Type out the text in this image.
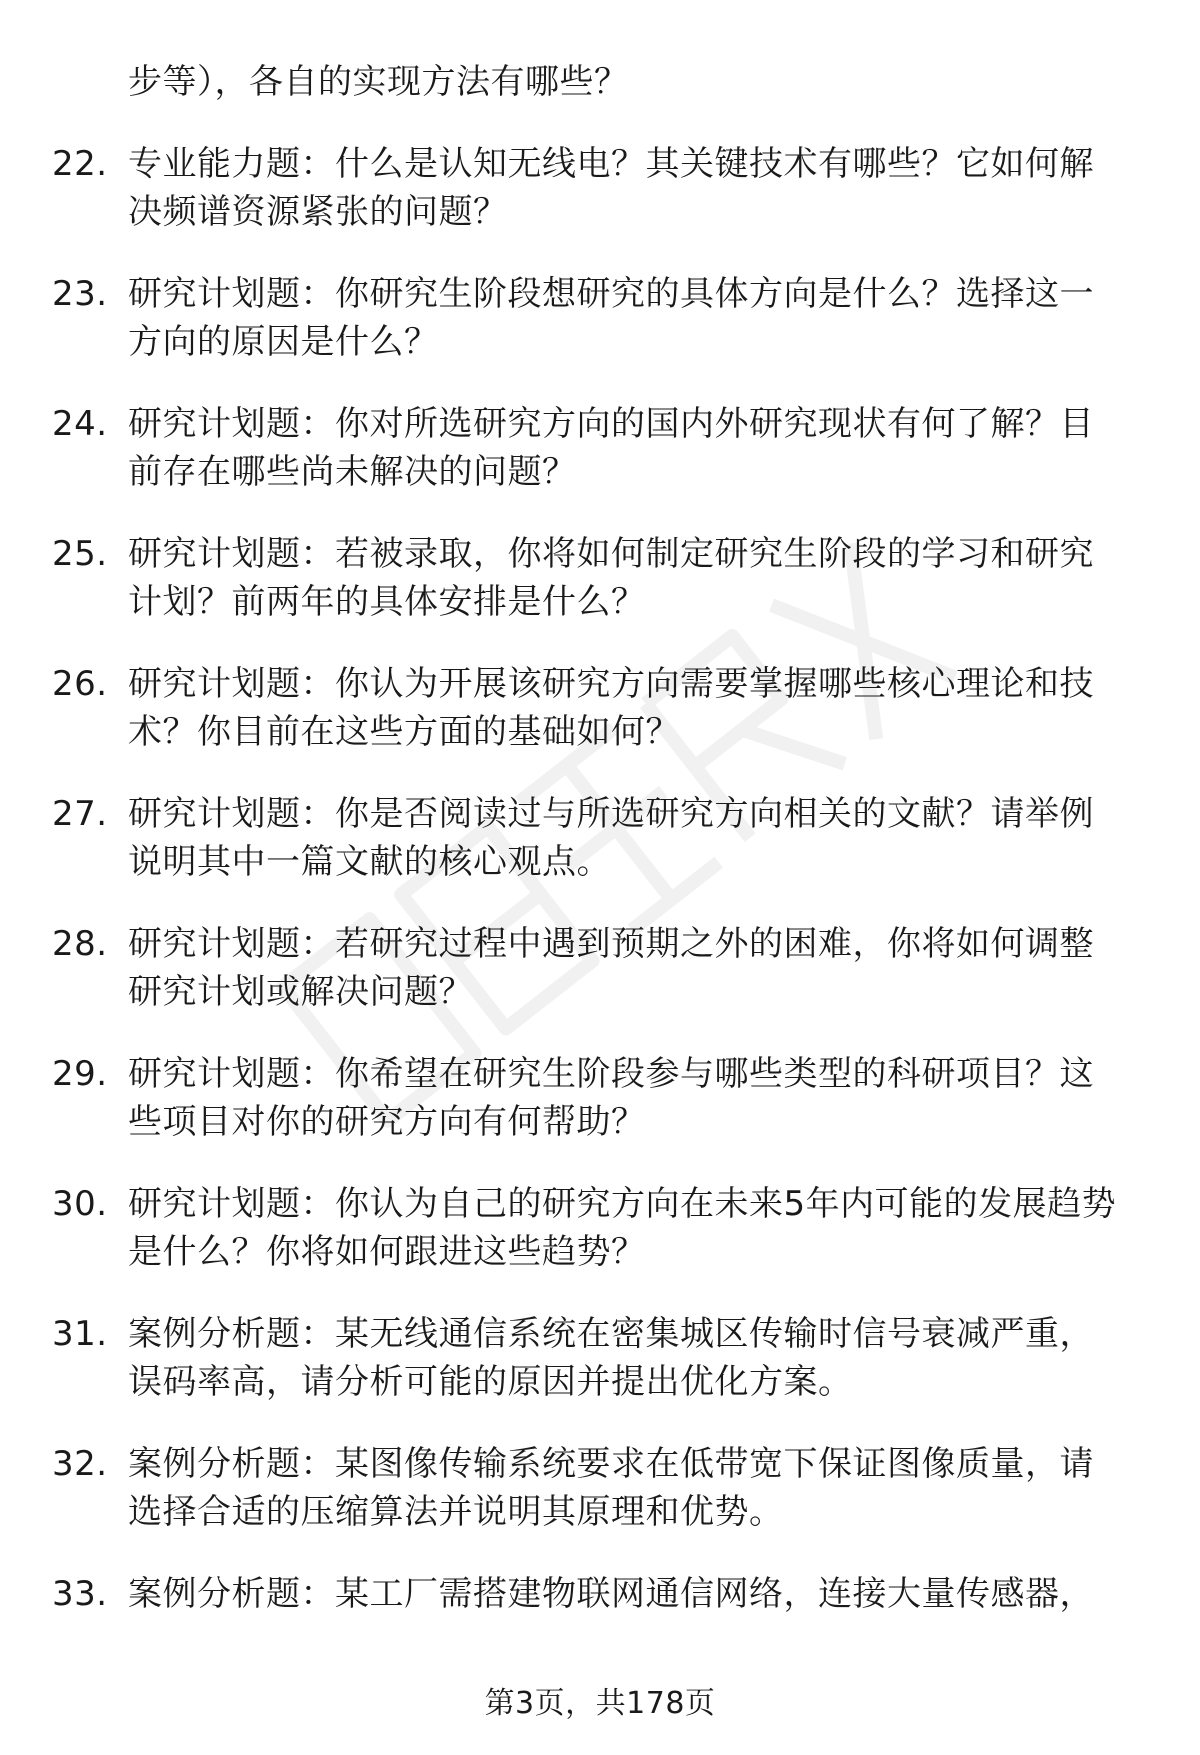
步等），各自的实现方法有哪些？
22. 专业能力题：什么是认知无线电？其关键技术有哪些？它如何解
决频谱资源紧张的问题？
23. 研究计划题：你研究生阶段想研究的具体方向是什么？选择这一
方向的原因是什么？
24. 研究计划题：你对所选研究方向的国内外研究现状有何了解？目
前存在哪些尚未解决的问题？
25. 研究计划题：若被录取，你将如何制定研究生阶段的学习和研究
计划？前两年的具体安排是什么？
26. 研究计划题：你认为开展该研究方向需要掌握哪些核心理论和技
术？你目前在这些方面的基础如何？
27. 研究计划题：你是否阅读过与所选研究方向相关的文献？请举例
说明其中一篇文献的核心观点。
28. 研究计划题：若研究过程中遇到预期之外的困难，你将如何调整
研究计划或解决问题？
29. 研究计划题：你希望在研究生阶段参与哪些类型的科研项目？这
些项目对你的研究方向有何帮助？
30. 研究计划题：你认为自己的研究方向在未来5年内可能的发展趋势
是什么？你将如何跟进这些趋势？
31. 案例分析题：某无线通信系统在密集城区传输时信号衰减严重，
误码率高，请分析可能的原因并提出优化方案。
32. 案例分析题：某图像传输系统要求在低带宽下保证图像质量，请
选择合适的压缩算法并说明其原理和优势。
33. 案例分析题：某工厂需搭建物联网通信网络，连接大量传感器，
第3页，共178页
